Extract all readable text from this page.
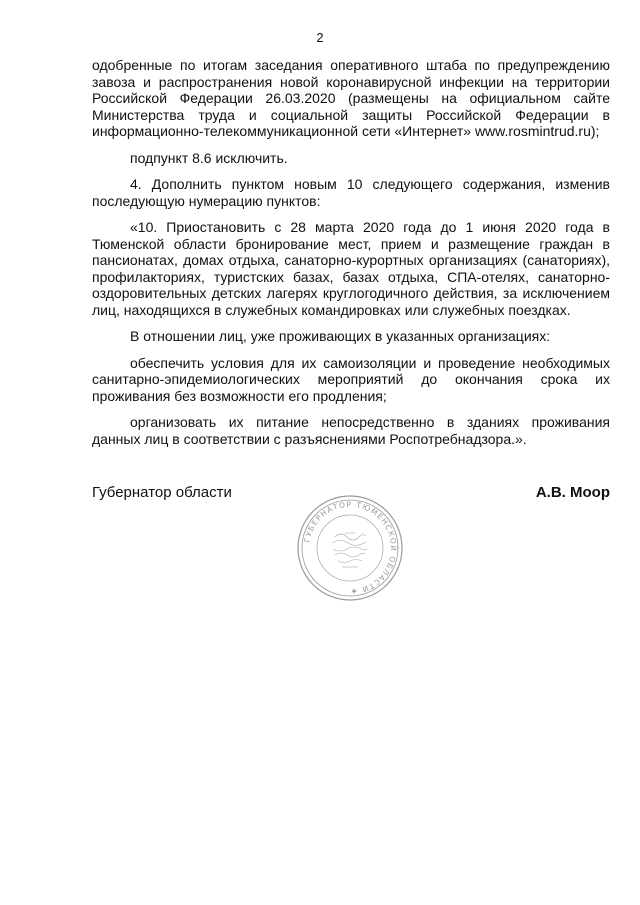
2

одобренные по итогам заседания оперативного штаба по предупреждению завоза и распространения новой коронавирусной инфекции на территории Российской Федерации 26.03.2020 (размещены на официальном сайте Министерства труда и социальной защиты Российской Федерации в информационно-телекоммуникационной сети «Интернет» www.rosmintrud.ru);

подпункт 8.6 исключить.

4. Дополнить пунктом новым 10 следующего содержания, изменив последующую нумерацию пунктов:

«10. Приостановить с 28 марта 2020 года до 1 июня 2020 года в Тюменской области бронирование мест, прием и размещение граждан в пансионатах, домах отдыха, санаторно-курортных организациях (санаториях), профилакториях, туристских базах, базах отдыха, СПА-отелях, санаторно-оздоровительных детских лагерях круглогодичного действия, за исключением лиц, находящихся в служебных командировках или служебных поездках.

В отношении лиц, уже проживающих в указанных организациях:

обеспечить условия для их самоизоляции и проведение необходимых санитарно-эпидемиологических мероприятий до окончания срока их проживания без возможности его продления;

организовать их питание непосредственно в зданиях проживания данных лиц в соответствии с разъяснениями Роспотребнадзора.».

Губернатор области	А.В. Моор
ГУБЕРНАТОР ТЮМЕНСКОЙ ОБЛАСТИ ★
